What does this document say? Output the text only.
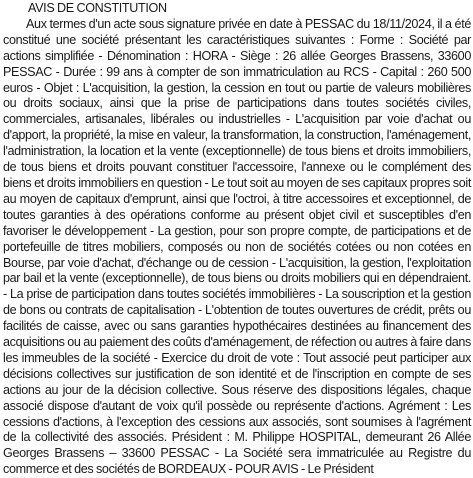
AVIS DE CONSTITUTION

Aux termes d'un acte sous signature privée en date à PESSAC du 18/11/2024, il a été constitué une société présentant les caractéristiques suivantes : Forme : Société par actions simplifiée - Dénomination : HORA - Siège : 26 allée Georges Brassens, 33600 PESSAC - Durée : 99 ans à compter de son immatriculation au RCS - Capital : 260 500 euros - Objet : L'acquisition, la gestion, la cession en tout ou partie de valeurs mobilières ou droits sociaux, ainsi que la prise de participations dans toutes sociétés civiles, commerciales, artisanales, libérales ou industrielles - L'acquisition par voie d'achat ou d'apport, la propriété, la mise en valeur, la transformation, la construction, l'aménagement, l'administration, la location et la vente (exceptionnelle) de tous biens et droits immobiliers, de tous biens et droits pouvant constituer l'accessoire, l'annexe ou le complément des biens et droits immobiliers en question - Le tout soit au moyen de ses capitaux propres soit au moyen de capitaux d'emprunt, ainsi que l'octroi, à titre accessoires et exceptionnel, de toutes garanties à des opérations conforme au présent objet civil et susceptibles d'en favoriser le développement - La gestion, pour son propre compte, de participations et de portefeuille de titres mobiliers, composés ou non de sociétés cotées ou non cotées en Bourse, par voie d'achat, d'échange ou de cession - L'acquisition, la gestion, l'exploitation par bail et la vente (exceptionnelle), de tous biens ou droits mobiliers qui en dépendraient. - La prise de participation dans toutes sociétés immobilières - La souscription et la gestion de bons ou contrats de capitalisation - L'obtention de toutes ouvertures de crédit, prêts ou facilités de caisse, avec ou sans garanties hypothécaires destinées au financement des acquisitions ou au paiement des coûts d'aménagement, de réfection ou autres à faire dans les immeubles de la société - Exercice du droit de vote : Tout associé peut participer aux décisions collectives sur justification de son identité et de l'inscription en compte de ses actions au jour de la décision collective. Sous réserve des dispositions légales, chaque associé dispose d'autant de voix qu'il possède ou représente d'actions. Agrément : Les cessions d'actions, à l'exception des cessions aux associés, sont soumises à l'agrément de la collectivité des associés. Président : M. Philippe HOSPITAL, demeurant 26 Allée Georges Brassens – 33600 PESSAC - La Société sera immatriculée au Registre du commerce et des sociétés de BORDEAUX - POUR AVIS - Le Président
